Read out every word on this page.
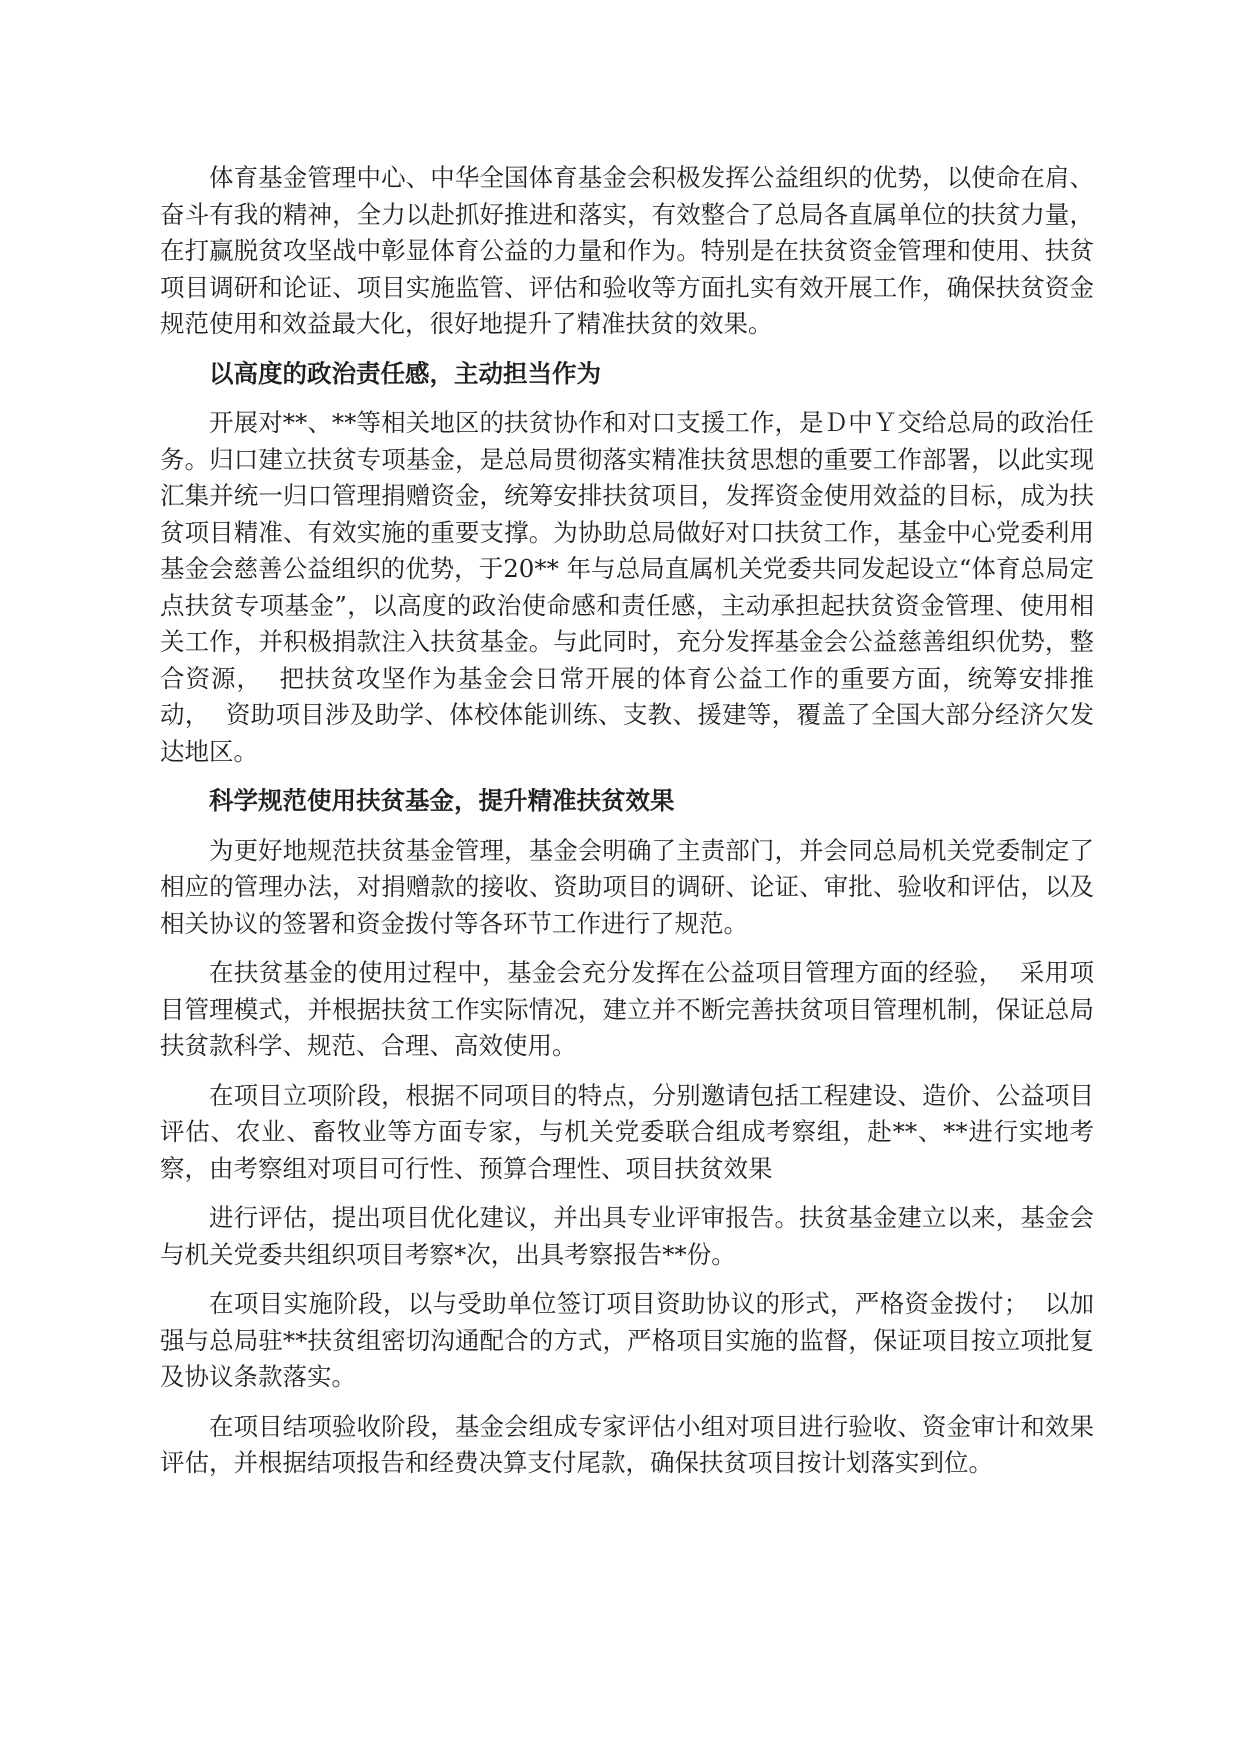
体育基金管理中心、中华全国体育基金会积极发挥公益组织的优势，以使命在肩、奋斗有我的精神，全力以赴抓好推进和落实，有效整合了总局各直属单位的扶贫力量，在打赢脱贫攻坚战中彰显体育公益的力量和作为。特别是在扶贫资金管理和使用、扶贫项目调研和论证、项目实施监管、评估和验收等方面扎实有效开展工作，确保扶贫资金规范使用和效益最大化，很好地提升了精准扶贫的效果。

以高度的政治责任感，主动担当作为

开展对**、**等相关地区的扶贫协作和对口支援工作，是Ｄ中Ｙ交给总局的政治任务。归口建立扶贫专项基金，是总局贯彻落实精准扶贫思想的重要工作部署，以此实现汇集并统一归口管理捐赠资金，统筹安排扶贫项目，发挥资金使用效益的目标，成为扶贫项目精准、有效实施的重要支撑。为协助总局做好对口扶贫工作，基金中心党委利用基金会慈善公益组织的优势，于20** 年与总局直属机关党委共同发起设立“体育总局定点扶贫专项基金”，以高度的政治使命感和责任感，主动承担起扶贫资金管理、使用相关工作，并积极捐款注入扶贫基金。与此同时，充分发挥基金会公益慈善组织优势，整合资源，  把扶贫攻坚作为基金会日常开展的体育公益工作的重要方面，统筹安排推动，  资助项目涉及助学、体校体能训练、支教、援建等，覆盖了全国大部分经济欠发达地区。

科学规范使用扶贫基金，提升精准扶贫效果

为更好地规范扶贫基金管理，基金会明确了主责部门，并会同总局机关党委制定了相应的管理办法，对捐赠款的接收、资助项目的调研、论证、审批、验收和评估，以及相关协议的签署和资金拨付等各环节工作进行了规范。

在扶贫基金的使用过程中，基金会充分发挥在公益项目管理方面的经验，  采用项目管理模式，并根据扶贫工作实际情况，建立并不断完善扶贫项目管理机制，保证总局扶贫款科学、规范、合理、高效使用。

在项目立项阶段，根据不同项目的特点，分别邀请包括工程建设、造价、公益项目评估、农业、畜牧业等方面专家，与机关党委联合组成考察组，赴**、**进行实地考察，由考察组对项目可行性、预算合理性、项目扶贫效果

进行评估，提出项目优化建议，并出具专业评审报告。扶贫基金建立以来，基金会与机关党委共组织项目考察*次，出具考察报告**份。

在项目实施阶段，以与受助单位签订项目资助协议的形式，严格资金拨付；  以加强与总局驻**扶贫组密切沟通配合的方式，严格项目实施的监督，保证项目按立项批复及协议条款落实。

在项目结项验收阶段，基金会组成专家评估小组对项目进行验收、资金审计和效果评估，并根据结项报告和经费决算支付尾款，确保扶贫项目按计划落实到位。
